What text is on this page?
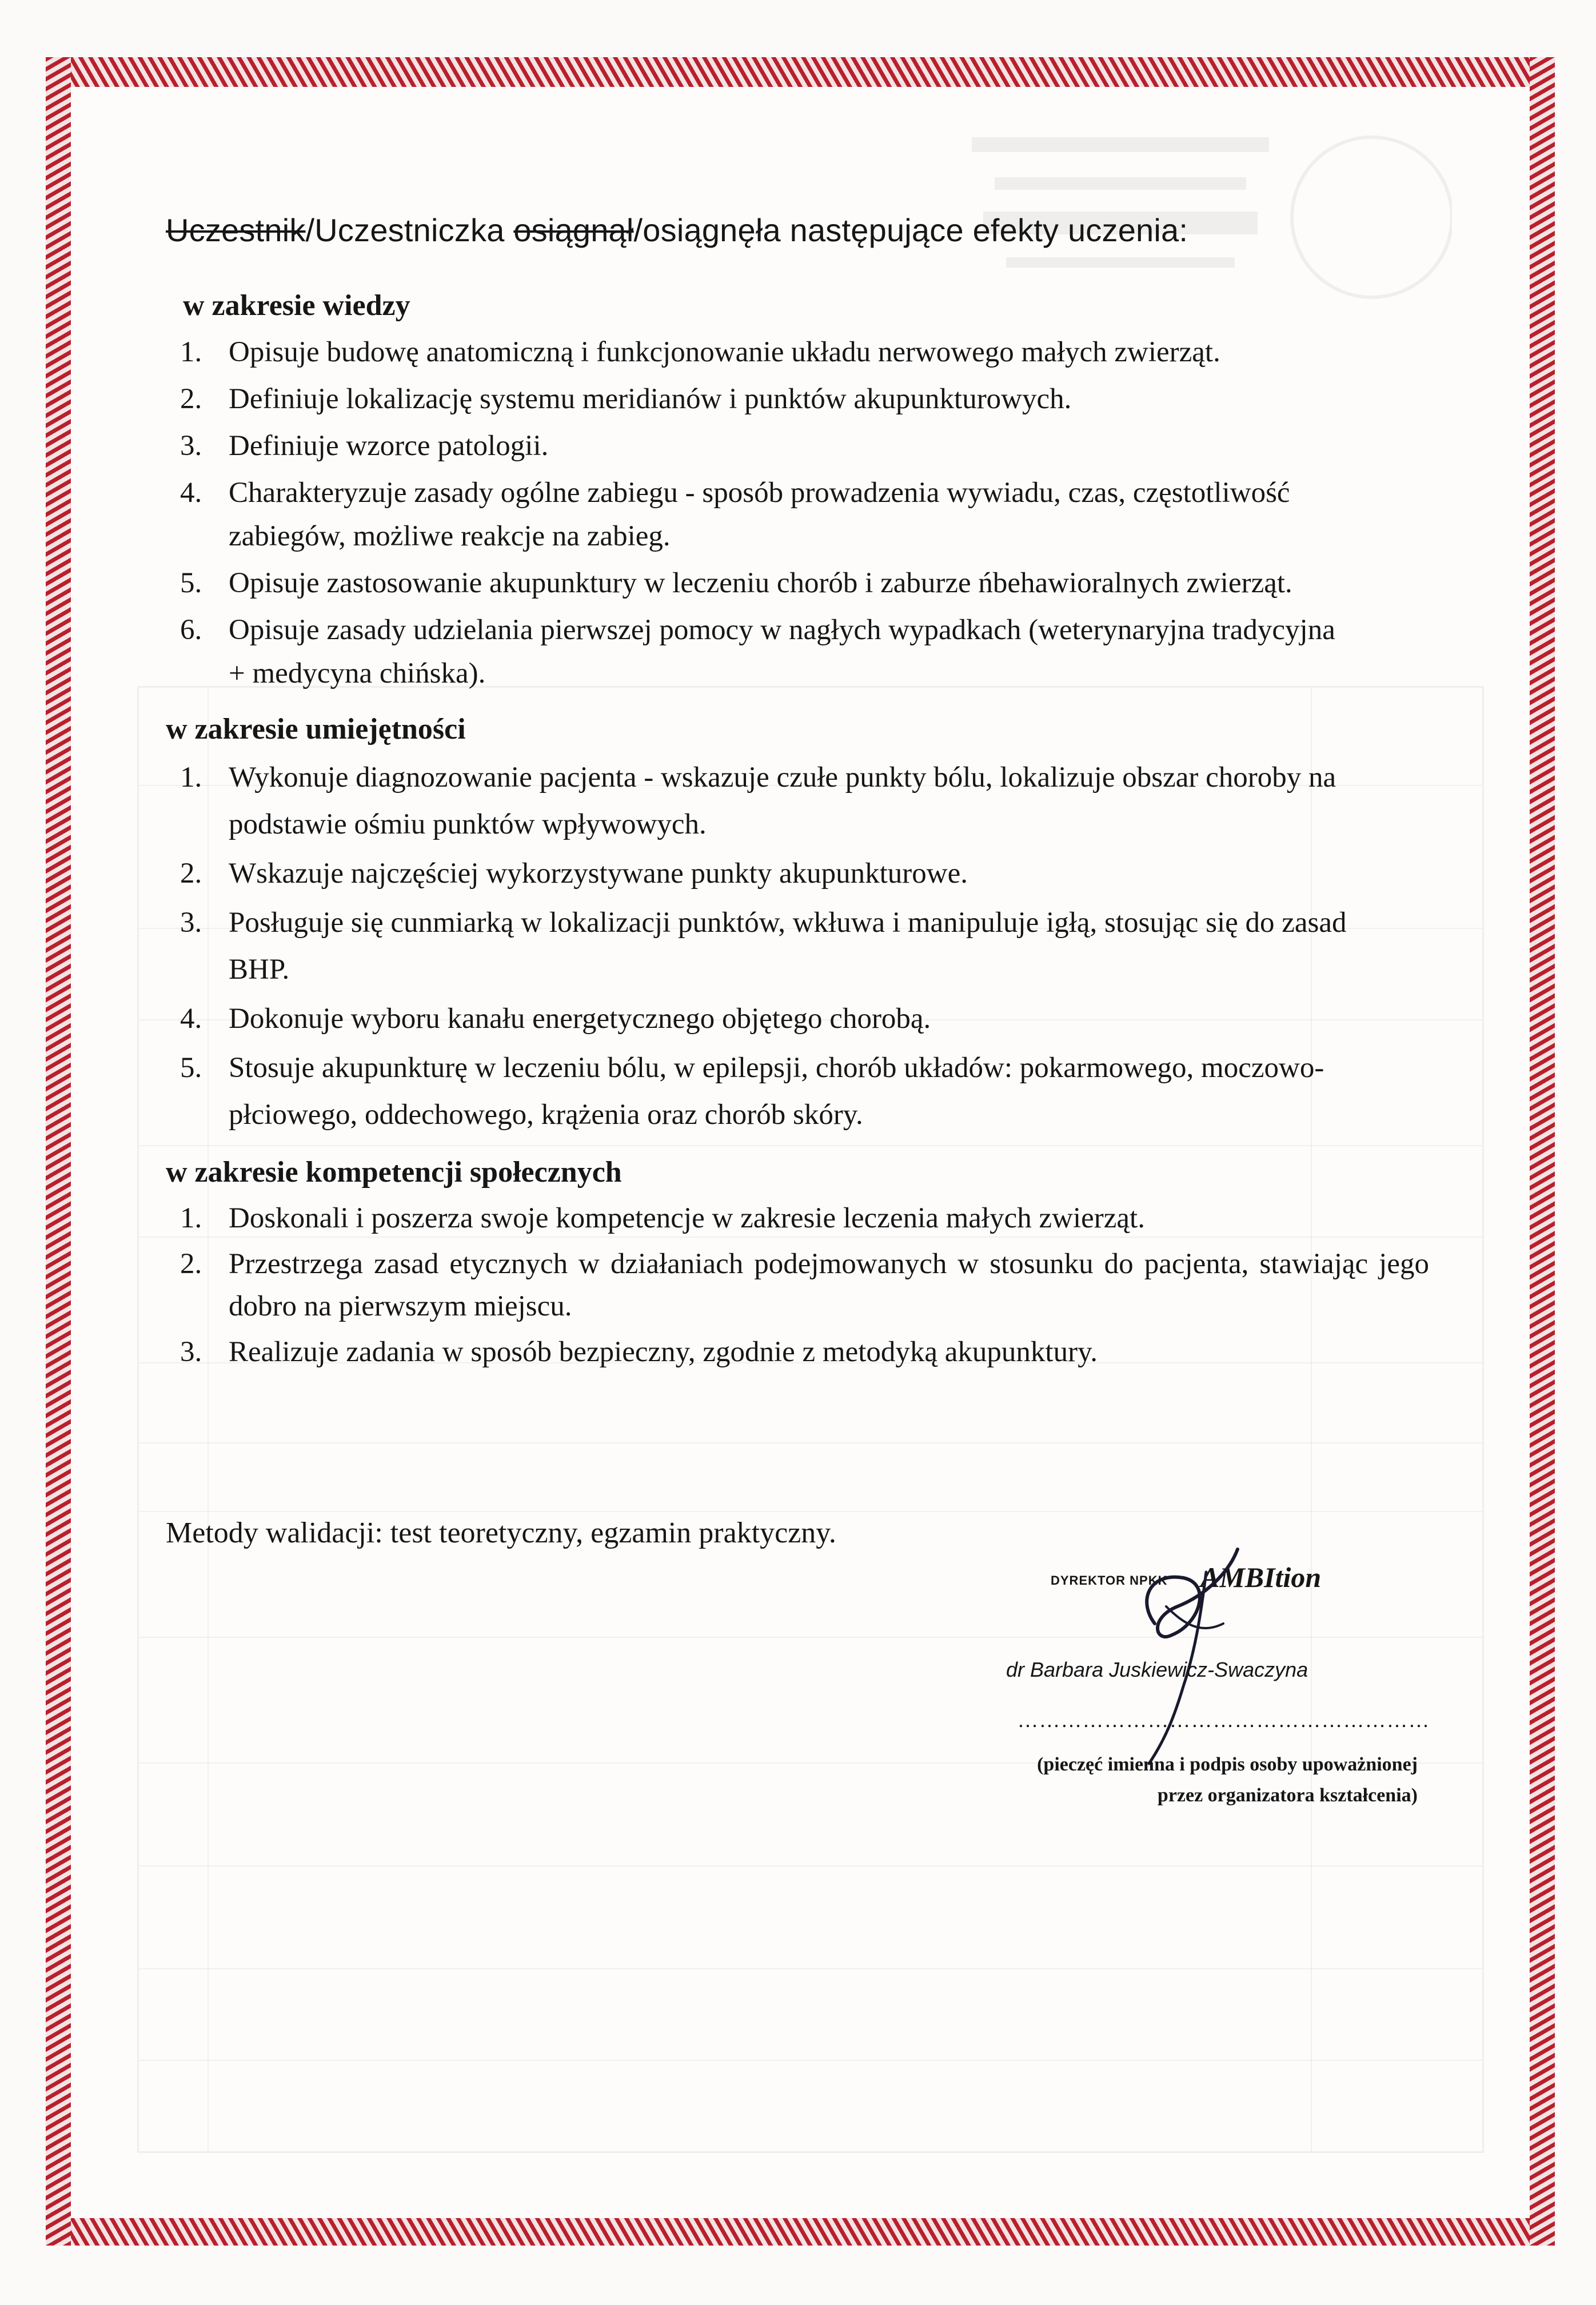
Uczestnik/Uczestniczka osiągnął/osiągnęła następujące efekty uczenia:

w zakresie wiedzy

1. Opisuje budowę anatomiczną i funkcjonowanie układu nerwowego małych zwierząt.
2. Definiuje lokalizację systemu meridianów i punktów akupunkturowych.
3. Definiuje wzorce patologii.
4. Charakteryzuje zasady ogólne zabiegu - sposób prowadzenia wywiadu, czas, częstotliwość zabiegów, możliwe reakcje na zabieg.
5. Opisuje zastosowanie akupunktury w leczeniu chorób i zaburze ńbehawioralnych zwierząt.
6. Opisuje zasady udzielania pierwszej pomocy w nagłych wypadkach (weterynaryjna tradycyjna + medycyna chińska).

w zakresie umiejętności

1. Wykonuje diagnozowanie pacjenta - wskazuje czułe punkty bólu, lokalizuje obszar choroby na podstawie ośmiu punktów wpływowych.
2. Wskazuje najczęściej wykorzystywane punkty akupunkturowe.
3. Posługuje się cunmiarką w lokalizacji punktów, wkłuwa i manipuluje igłą, stosując się do zasad BHP.
4. Dokonuje wyboru kanału energetycznego objętego chorobą.
5. Stosuje akupunkturę w leczeniu bólu, w epilepsji, chorób układów: pokarmowego, moczowo-płciowego, oddechowego, krążenia oraz chorób skóry.

w zakresie kompetencji społecznych

1. Doskonali i poszerza swoje kompetencje w zakresie leczenia małych zwierząt.
2. Przestrzega zasad etycznych w działaniach podejmowanych w stosunku do pacjenta, stawiając jego dobro na pierwszym miejscu.
3. Realizuje zadania w sposób bezpieczny, zgodnie z metodyką akupunktury.

Metody walidacji: test teoretyczny, egzamin praktyczny.

DYREKTOR NPKK AMBItion
dr Barbara Juskiewicz-Swaczyna
…………………………………………………
(pieczęć imienna i podpis osoby upoważnionej
przez organizatora kształcenia)
